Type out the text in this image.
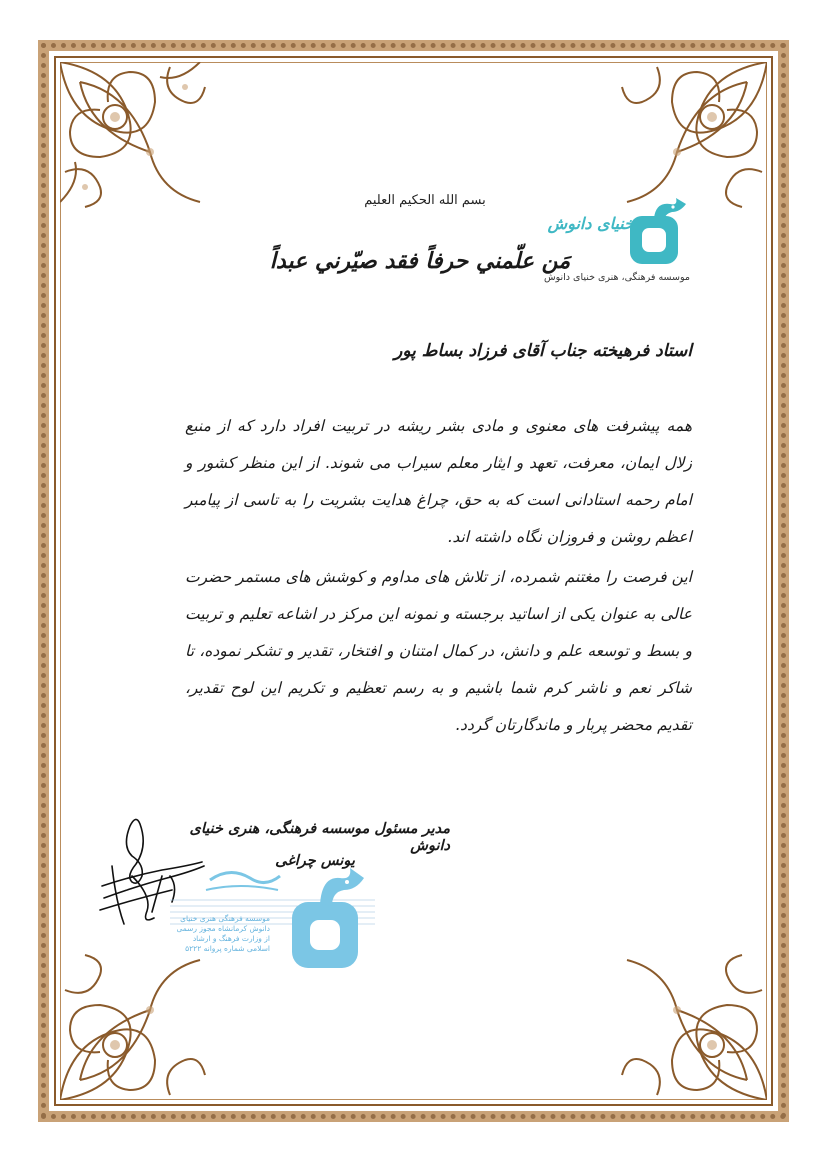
خنیای دانوش
موسسه فرهنگی، هنری خنیای دانوش
بسم الله الحکیم العلیم
مَن علّمني حرفاً فقد صيّرني عبداً
استاد فرهیخته جناب آقای فرزاد بساط پور
همه پیشرفت های معنوی و مادی بشر ریشه در تربیت افراد دارد که از منبع زلال ایمان، معرفت، تعهد و ایثار معلم سیراب می شوند. از این منظر کشور و امام رحمه استادانی است که به حق، چراغ هدایت بشریت را به تاسی از پیامبر اعظم روشن و فروزان نگاه داشته اند.
این فرصت را مغتنم شمرده، از تلاش های مداوم و کوشش های مستمر حضرت عالی به عنوان یکی از اساتید برجسته و نمونه این مرکز در اشاعه تعلیم و تربیت و بسط و توسعه علم و دانش، در کمال امتنان و افتخار، تقدیر و تشکر نموده، تا شاکر نعم و ناشر کرم شما باشیم و به رسم تعظیم و تکریم این لوح تقدیر، تقدیم محضر پربار و ماندگارتان گردد.
مدیر مسئول موسسه فرهنگی، هنری خنیای دانوش
یونس چراغی
موسسه فرهنگی هنری خنیای دانوش کرمانشاه مجوز رسمی از وزارت فرهنگ و ارشاد اسلامی شماره پروانه ۵۲۲۲
